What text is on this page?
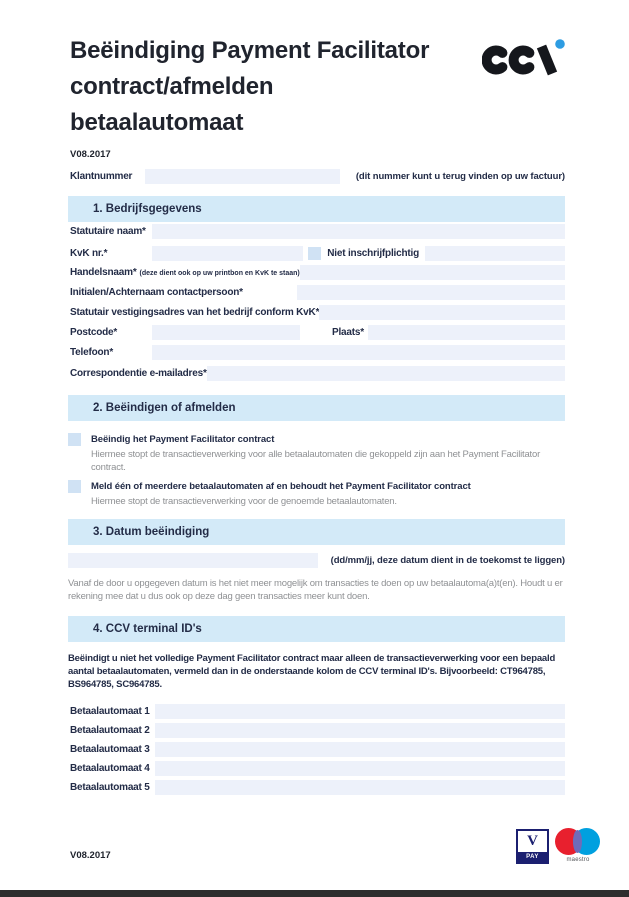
Beëindiging Payment Facilitator
contract/afmelden
betaalautomaat
V08.2017
Klantnummer	(dit nummer kunt u terug vinden op uw factuur)
1. Bedrijfsgegevens
Statutaire naam*
KvK nr.*	Niet inschrijfplichtig
Handelsnaam* (deze dient ook op uw printbon en KvK te staan)
Initialen/Achternaam contactpersoon*
Statutair vestigingsadres van het bedrijf conform KvK*
Postcode*	Plaats*
Telefoon*
Correspondentie e-mailadres*
2. Beëindigen of afmelden
Beëindig het Payment Facilitator contract
Hiermee stopt de transactieverwerking voor alle betaalautomaten die gekoppeld zijn aan het Payment Facilitator contract.
Meld één of meerdere betaalautomaten af en behoudt het Payment Facilitator contract
Hiermee stopt de transactieverwerking voor de genoemde betaalautomaten.
3. Datum beëindiging
(dd/mm/jj, deze datum dient in de toekomst te liggen)
Vanaf de door u opgegeven datum is het niet meer mogelijk om transacties te doen op uw betaalautoma(a)t(en). Houdt u er rekening mee dat u dus ook op deze dag geen transacties meer kunt doen.
4. CCV terminal ID's
Beëindigt u niet het volledige Payment Facilitator contract maar alleen de transactieverwerking voor een bepaald aantal betaalautomaten, vermeld dan in de onderstaande kolom de CCV terminal ID's. Bijvoorbeeld: CT964785, BS964785, SC964785.
Betaalautomaat 1
Betaalautomaat 2
Betaalautomaat 3
Betaalautomaat 4
Betaalautomaat 5
V08.2017
V
PAY	maestro
